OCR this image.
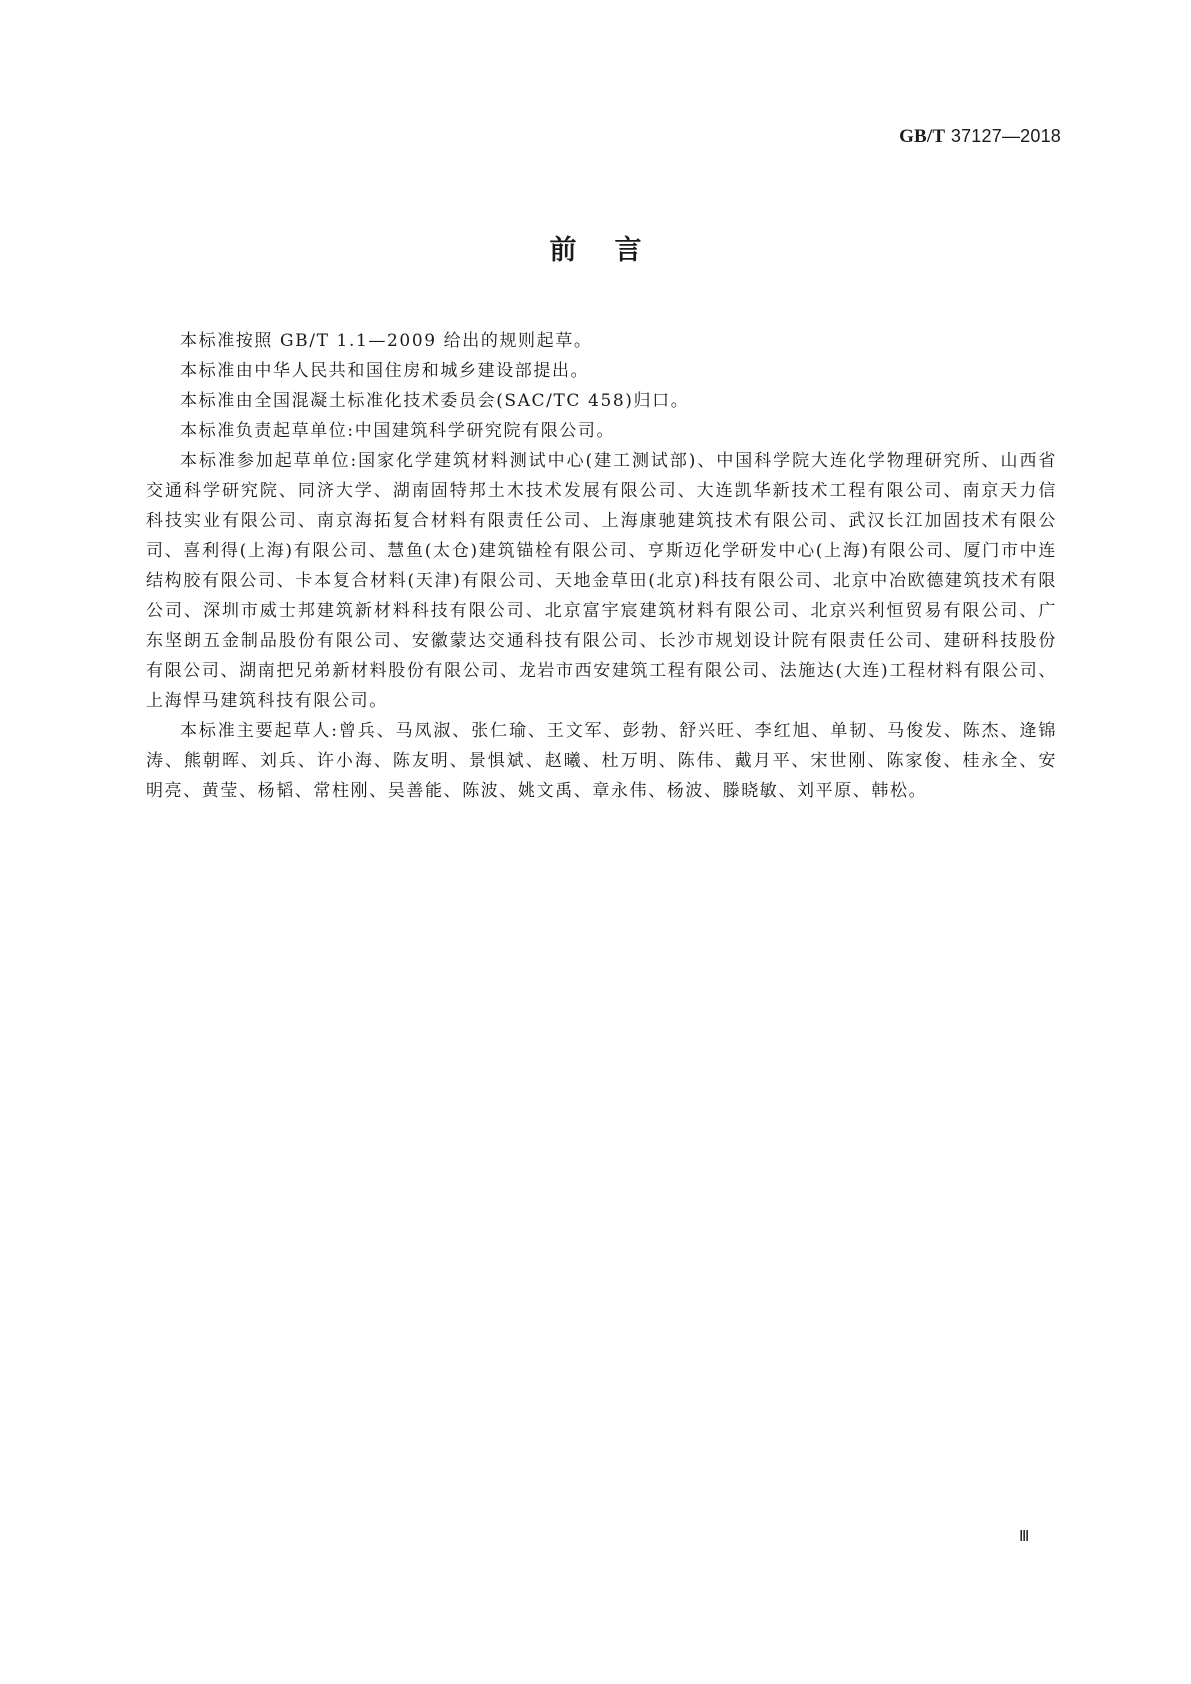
GB/T 37127—2018
前言

本标准按照 GB/T 1.1—2009 给出的规则起草。

本标准由中华人民共和国住房和城乡建设部提出。

本标准由全国混凝土标准化技术委员会(SAC/TC 458)归口。

本标准负责起草单位:中国建筑科学研究院有限公司。

本标准参加起草单位:国家化学建筑材料测试中心(建工测试部)、中国科学院大连化学物理研究所、山西省交通科学研究院、同济大学、湖南固特邦土木技术发展有限公司、大连凯华新技术工程有限公司、南京天力信科技实业有限公司、南京海拓复合材料有限责任公司、上海康驰建筑技术有限公司、武汉长江加固技术有限公司、喜利得(上海)有限公司、慧鱼(太仓)建筑锚栓有限公司、亨斯迈化学研发中心(上海)有限公司、厦门市中连结构胶有限公司、卡本复合材料(天津)有限公司、天地金草田(北京)科技有限公司、北京中冶欧德建筑技术有限公司、深圳市威士邦建筑新材料科技有限公司、北京富宇宸建筑材料有限公司、北京兴利恒贸易有限公司、广东坚朗五金制品股份有限公司、安徽蒙达交通科技有限公司、长沙市规划设计院有限责任公司、建研科技股份有限公司、湖南把兄弟新材料股份有限公司、龙岩市西安建筑工程有限公司、法施达(大连)工程材料有限公司、上海悍马建筑科技有限公司。

本标准主要起草人:曾兵、马凤淑、张仁瑜、王文军、彭勃、舒兴旺、李红旭、单韧、马俊发、陈杰、逄锦涛、熊朝晖、刘兵、许小海、陈友明、景惧斌、赵曦、杜万明、陈伟、戴月平、宋世刚、陈家俊、桂永全、安明亮、黄莹、杨韬、常柱刚、吴善能、陈波、姚文禹、章永伟、杨波、滕晓敏、刘平原、韩松。

Ⅲ
